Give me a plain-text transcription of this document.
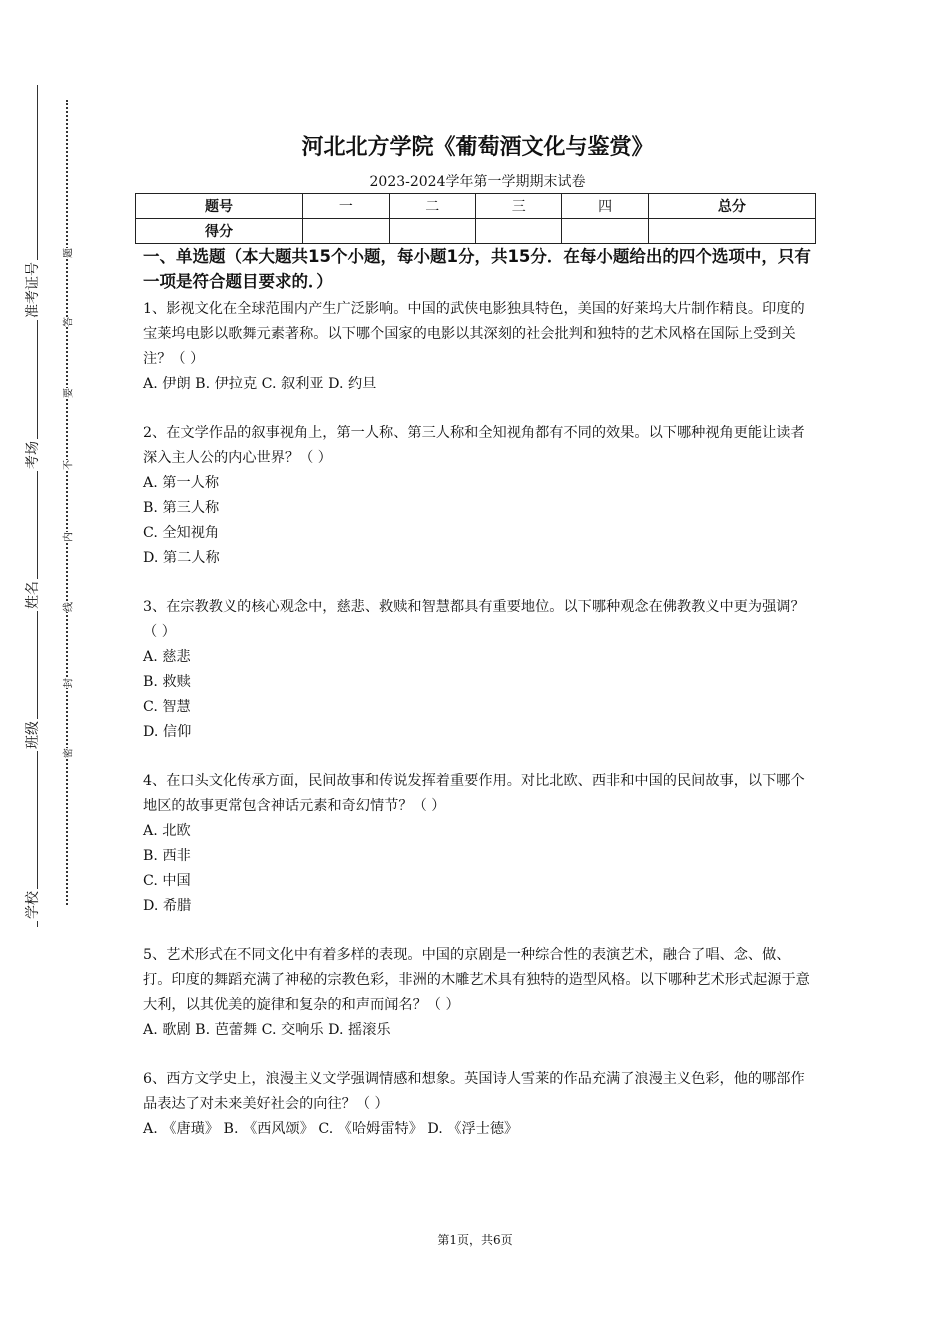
准考证号
考场
姓名
班级
学校
题
答
要
不
内
线
封
密
河北北方学院《葡萄酒文化与鉴赏》
2023-2024学年第一学期期末试卷
题号	一	二	三	四	总分
得分					

一、单选题（本大题共15个小题，每小题1分，共15分．在每小题给出的四个选项中，只有一项是符合题目要求的．）

1、影视文化在全球范围内产生广泛影响。中国的武侠电影独具特色，美国的好莱坞大片制作精良。印度的宝莱坞电影以歌舞元素著称。以下哪个国家的电影以其深刻的社会批判和独特的艺术风格在国际上受到关注？（ ）

A. 伊朗 B. 伊拉克 C. 叙利亚 D. 约旦

2、在文学作品的叙事视角上，第一人称、第三人称和全知视角都有不同的效果。以下哪种视角更能让读者深入主人公的内心世界？（ ）

A. 第一人称

B. 第三人称

C. 全知视角

D. 第二人称

3、在宗教教义的核心观念中，慈悲、救赎和智慧都具有重要地位。以下哪种观念在佛教教义中更为强调？（ ）

A. 慈悲

B. 救赎

C. 智慧

D. 信仰

4、在口头文化传承方面，民间故事和传说发挥着重要作用。对比北欧、西非和中国的民间故事，以下哪个地区的故事更常包含神话元素和奇幻情节？（ ）

A. 北欧

B. 西非

C. 中国

D. 希腊

5、艺术形式在不同文化中有着多样的表现。中国的京剧是一种综合性的表演艺术，融合了唱、念、做、打。印度的舞蹈充满了神秘的宗教色彩，非洲的木雕艺术具有独特的造型风格。以下哪种艺术形式起源于意大利，以其优美的旋律和复杂的和声而闻名？（ ）

A. 歌剧 B. 芭蕾舞 C. 交响乐 D. 摇滚乐

6、西方文学史上，浪漫主义文学强调情感和想象。英国诗人雪莱的作品充满了浪漫主义色彩，他的哪部作品表达了对未来美好社会的向往？（ ）

A. 《唐璜》 B. 《西风颂》 C. 《哈姆雷特》 D. 《浮士德》

第1页，共6页
